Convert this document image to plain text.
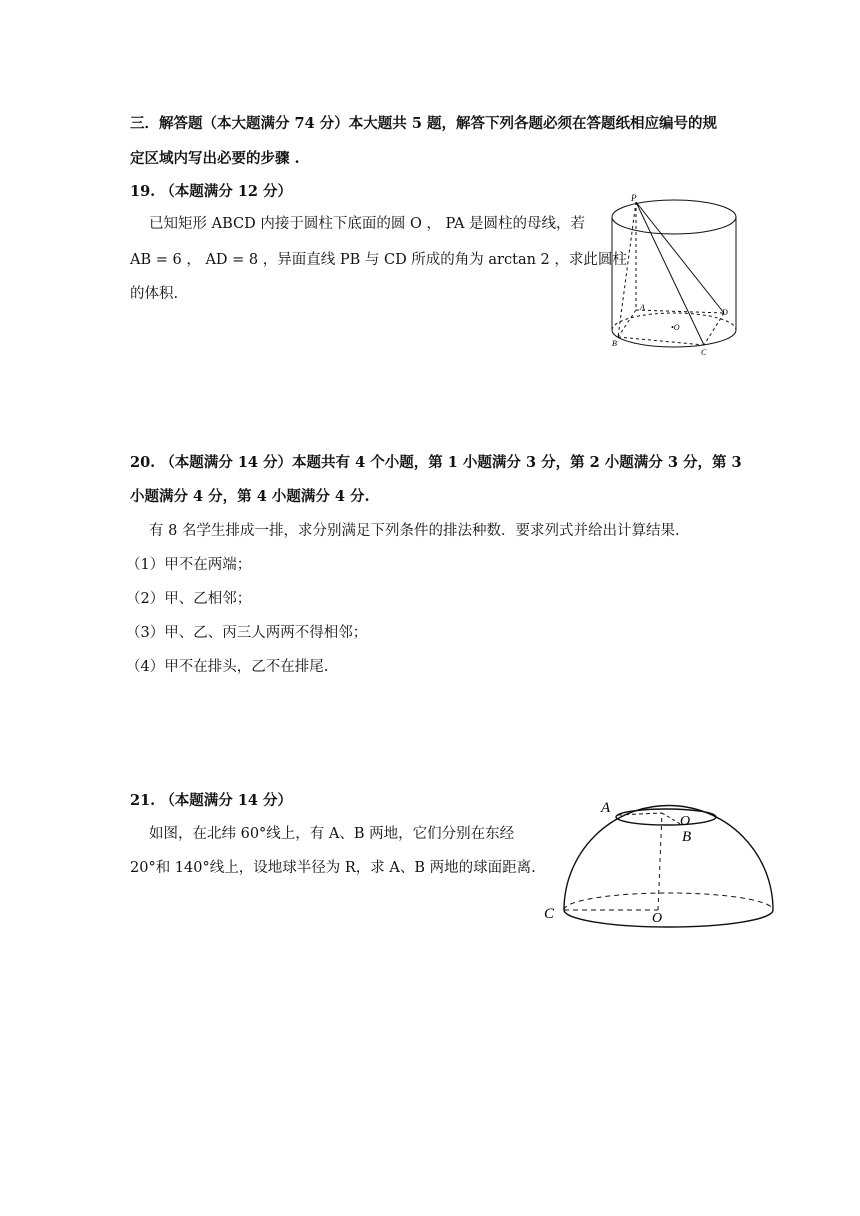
三．解答题（本大题满分 74 分）本大题共 5 题，解答下列各题必须在答题纸相应编号的规
定区域内写出必要的步骤 .
19. （本题满分 12 分）
已知矩形 ABCD 内接于圆柱下底面的圆 O ， PA 是圆柱的母线，若
AB = 6 ， AD = 8 ，异面直线 PB 与 CD 所成的角为 arctan 2 ，求此圆柱
的体积.
P
A
D
•O
B
C
20. （本题满分 14 分）本题共有 4 个小题，第 1 小题满分 3 分，第 2 小题满分 3 分，第 3
小题满分 4 分，第 4 小题满分 4 分.
有 8 名学生排成一排，求分别满足下列条件的排法种数．要求列式并给出计算结果.
（1）甲不在两端；
（2）甲、乙相邻；
（3）甲、乙、丙三人两两不得相邻；
（4）甲不在排头，乙不在排尾.
21. （本题满分 14 分）
如图，在北纬 60°线上，有 A、B 两地，它们分别在东经
20°和 140°线上，设地球半径为 R，求 A、B 两地的球面距离.
A
O
B
C	O
